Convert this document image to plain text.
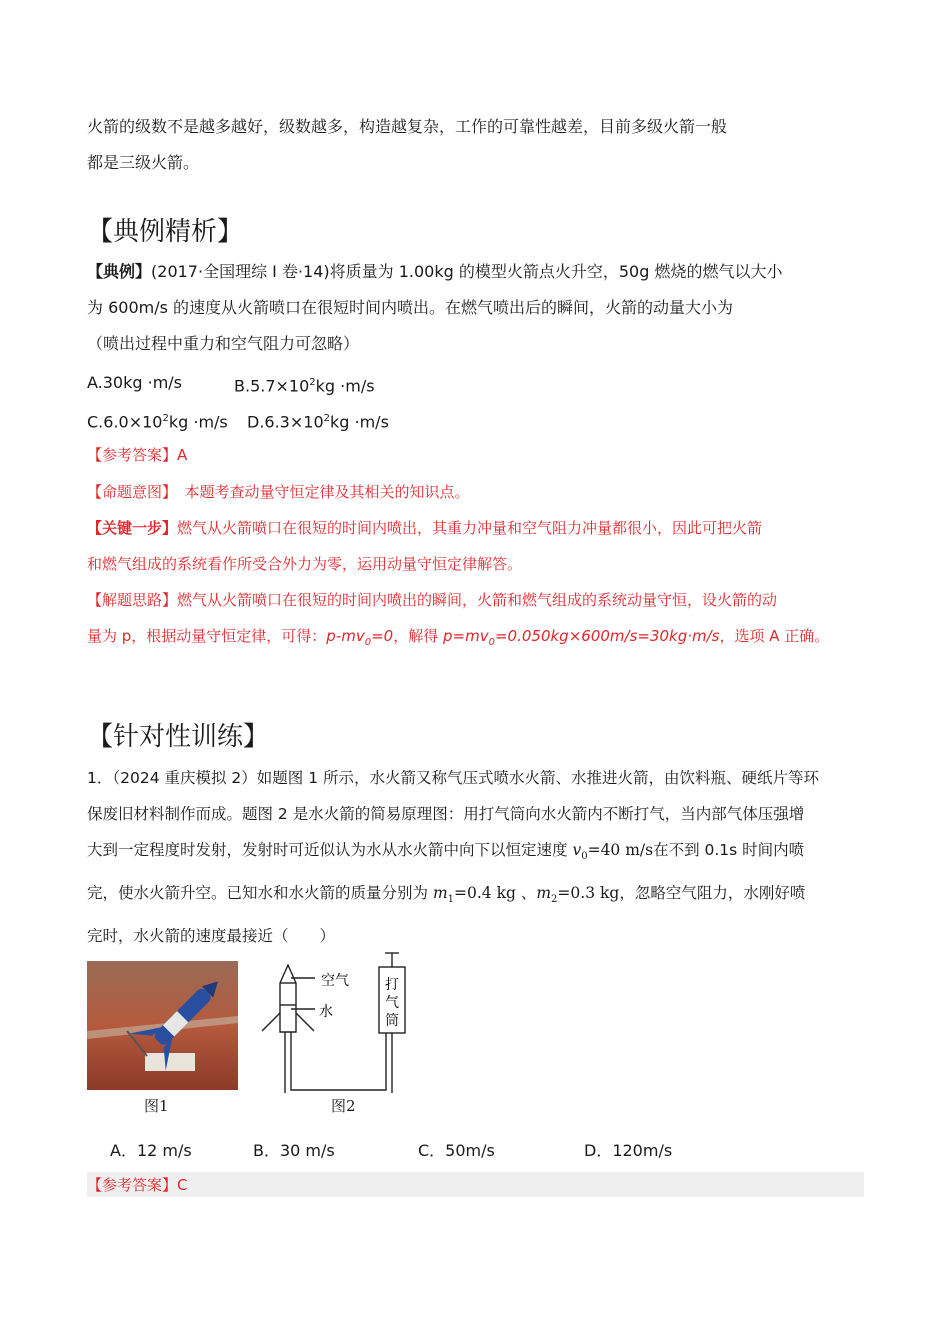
火箭的级数不是越多越好，级数越多，构造越复杂，工作的可靠性越差，目前多级火箭一般
都是三级火箭。
【典例精析】
【典例】(2017·全国理综 I 卷·14)将质量为 1.00kg 的模型火箭点火升空，50g 燃烧的燃气以大小
为 600m/s 的速度从火箭喷口在很短时间内喷出。在燃气喷出后的瞬间，火箭的动量大小为
（喷出过程中重力和空气阻力可忽略）
A.30kg ·m/s	$B.5.7\times 10^2kg \cdot m/s$
$C.6.0\times 10^2kg \cdot m/s$ $D.6.3\times 10^2kg \cdot m/s$
【参考答案】A
【命题意图】　本题考查动量守恒定律及其相关的知识点。
【关键一步】燃气从火箭喷口在很短的时间内喷出，其重力冲量和空气阻力冲量都很小，因此可把火箭
和燃气组成的系统看作所受合外力为零，运用动量守恒定律解答。
【解题思路】燃气从火箭喷口在很短的时间内喷出的瞬间，火箭和燃气组成的系统动量守恒，设火箭的动
量为 p，根据动量守恒定律，可得：$p-mv_0=0$，解得 $p=mv_0=0.050kg\times 600m/s=30kg\cdot m/s$，选项 A 正确。
【针对性训练】
1．（2024 重庆模拟 2）如题图 1 所示，水火箭又称气压式喷水火箭、水推进火箭，由饮料瓶、硬纸片等环
保废旧材料制作而成。题图 2 是水火箭的简易原理图：用打气筒向水火箭内不断打气，当内部气体压强增
大到一定程度时发射，发射时可近似认为水从水火箭中向下以恒定速度 $v_0=40$ m/s在不到 0.1s 时间内喷
完，使水火箭升空。已知水和水火箭的质量分别为 $m_1=0.4$ kg 、$m_2=0.3$ kg，忽略空气阻力，水刚好喷
完时，水火箭的速度最接近（　　）
图1
空气
水
打
气
筒
图2
A．12 m/s	B．30 m/s	C．50m/s	D．120m/s
【参考答案】C
